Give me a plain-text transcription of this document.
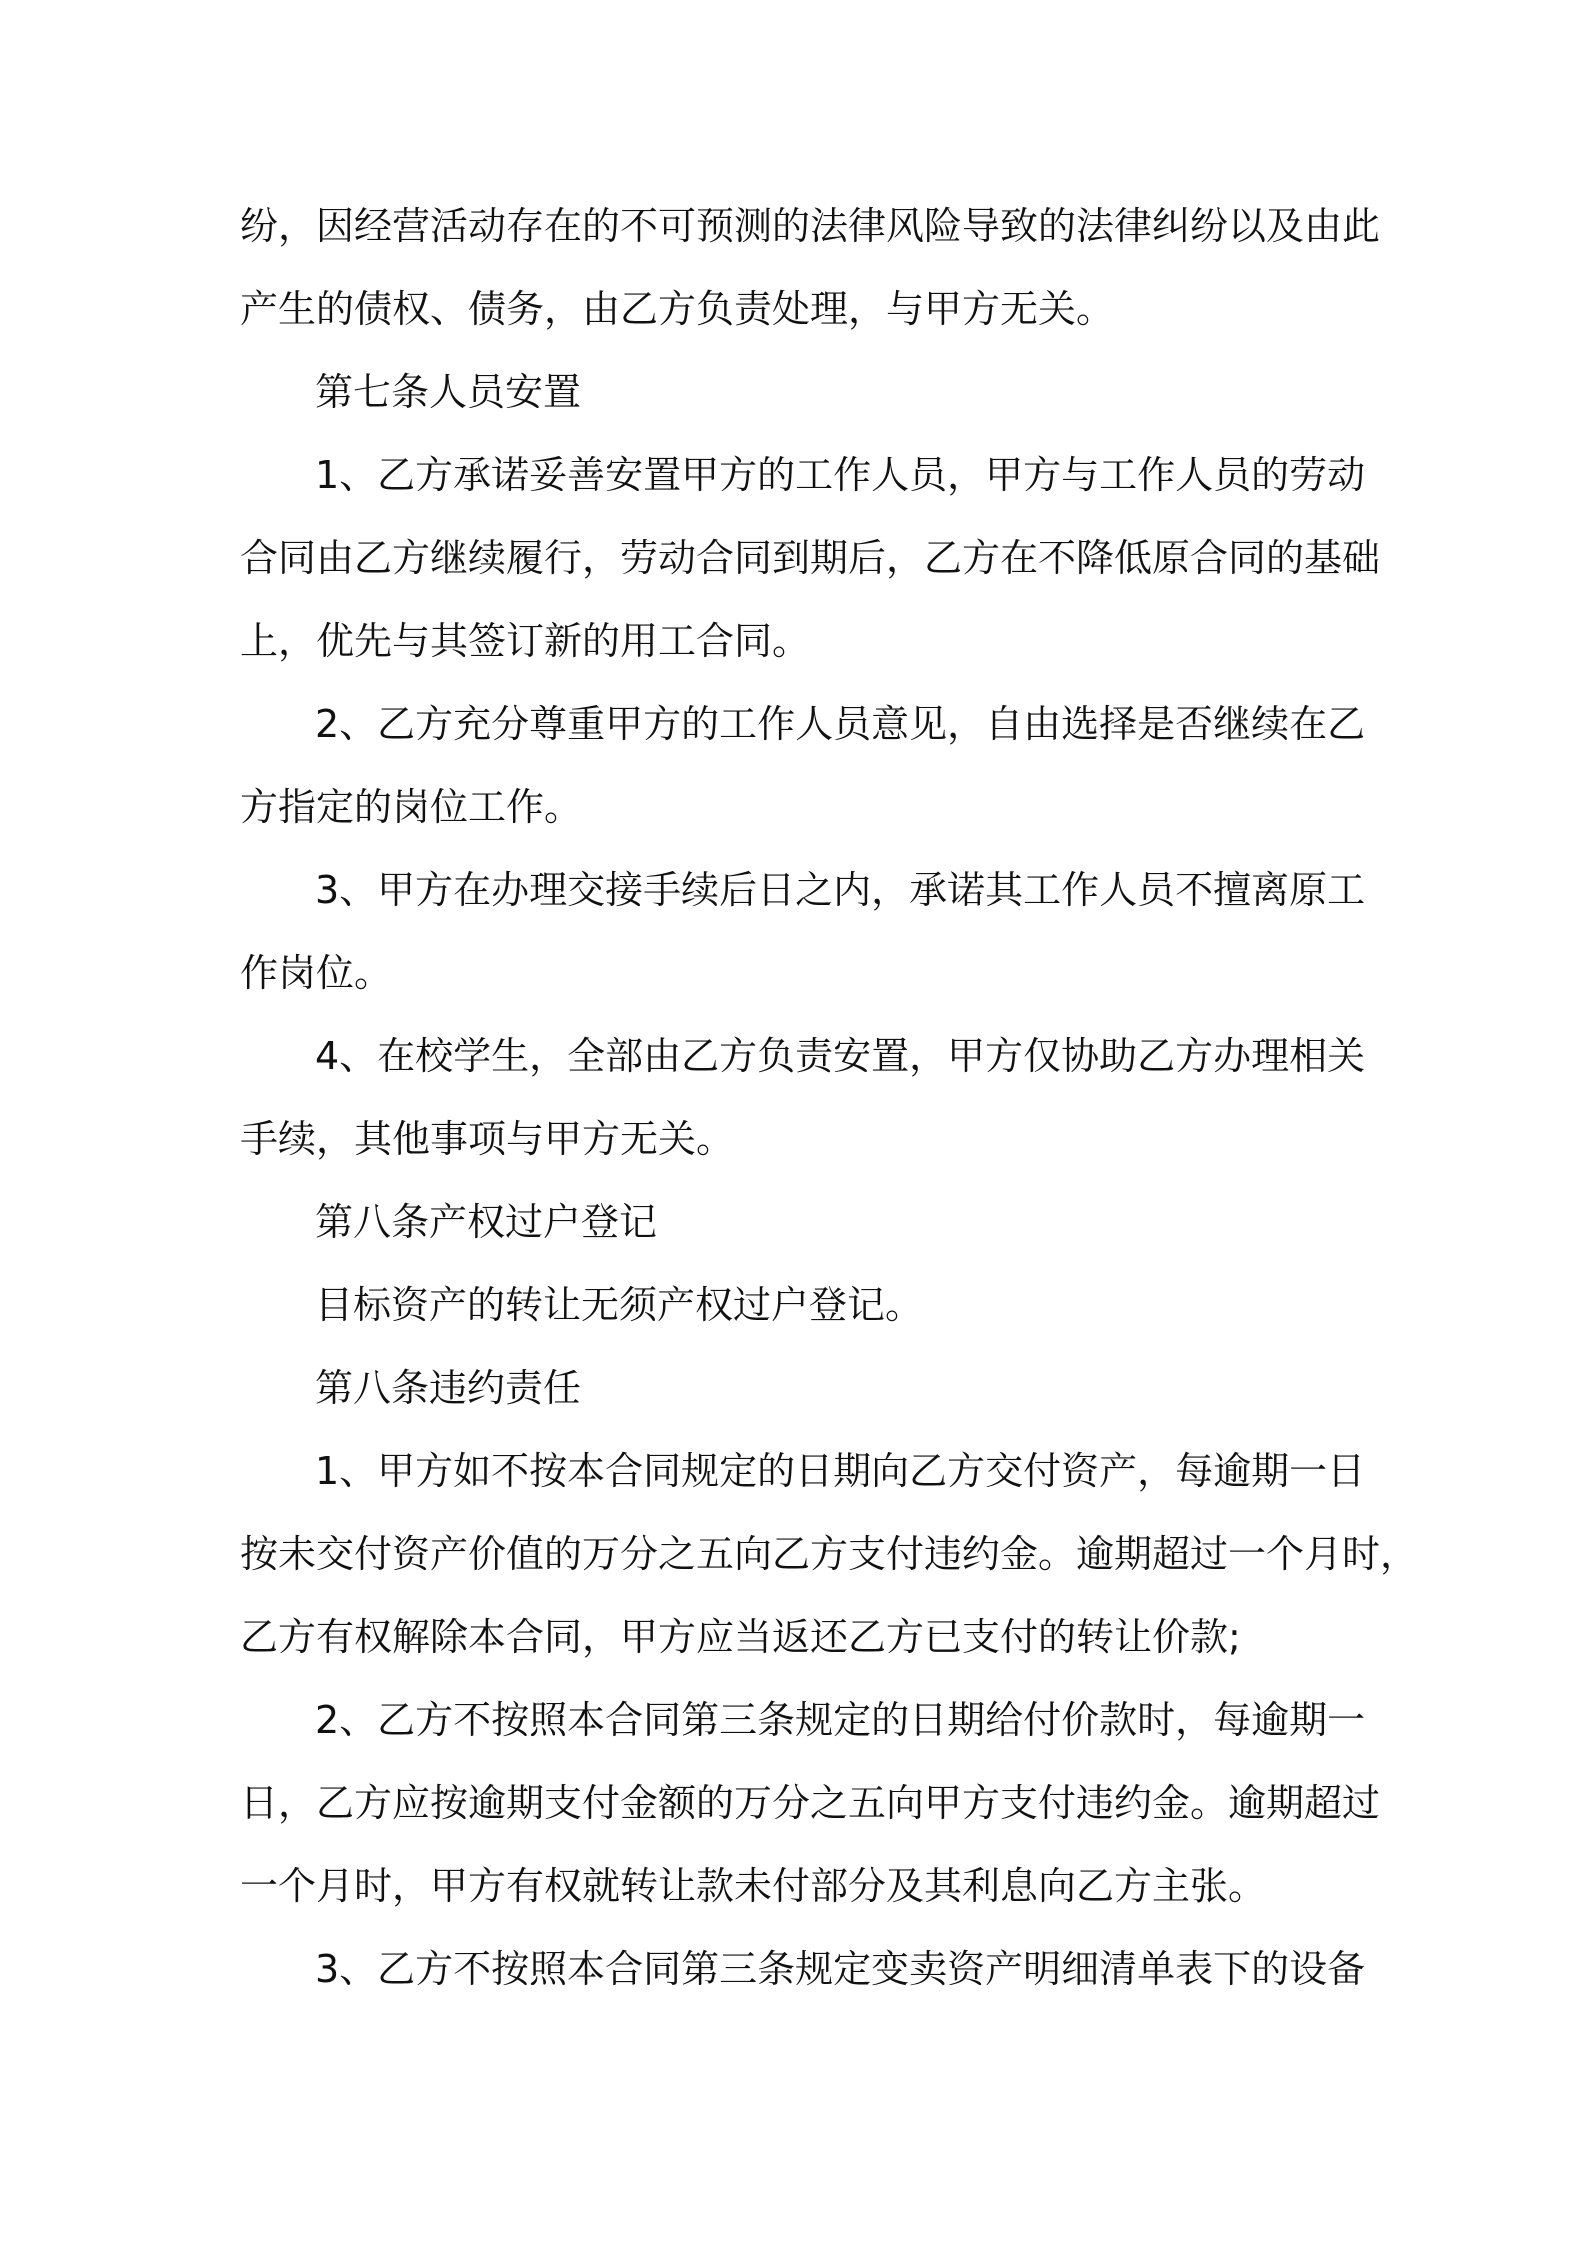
纷，因经营活动存在的不可预测的法律风险导致的法律纠纷以及由此
产生的债权、债务，由乙方负责处理，与甲方无关。
第七条人员安置
1、乙方承诺妥善安置甲方的工作人员，甲方与工作人员的劳动
合同由乙方继续履行，劳动合同到期后，乙方在不降低原合同的基础
上，优先与其签订新的用工合同。
2、乙方充分尊重甲方的工作人员意见，自由选择是否继续在乙
方指定的岗位工作。
3、甲方在办理交接手续后日之内，承诺其工作人员不擅离原工
作岗位。
4、在校学生，全部由乙方负责安置，甲方仅协助乙方办理相关
手续，其他事项与甲方无关。
第八条产权过户登记
目标资产的转让无须产权过户登记。
第八条违约责任
1、甲方如不按本合同规定的日期向乙方交付资产，每逾期一日
按未交付资产价值的万分之五向乙方支付违约金。逾期超过一个月时，
乙方有权解除本合同，甲方应当返还乙方已支付的转让价款;
2、乙方不按照本合同第三条规定的日期给付价款时，每逾期一
日，乙方应按逾期支付金额的万分之五向甲方支付违约金。逾期超过
一个月时，甲方有权就转让款未付部分及其利息向乙方主张。
3、乙方不按照本合同第三条规定变卖资产明细清单表下的设备
